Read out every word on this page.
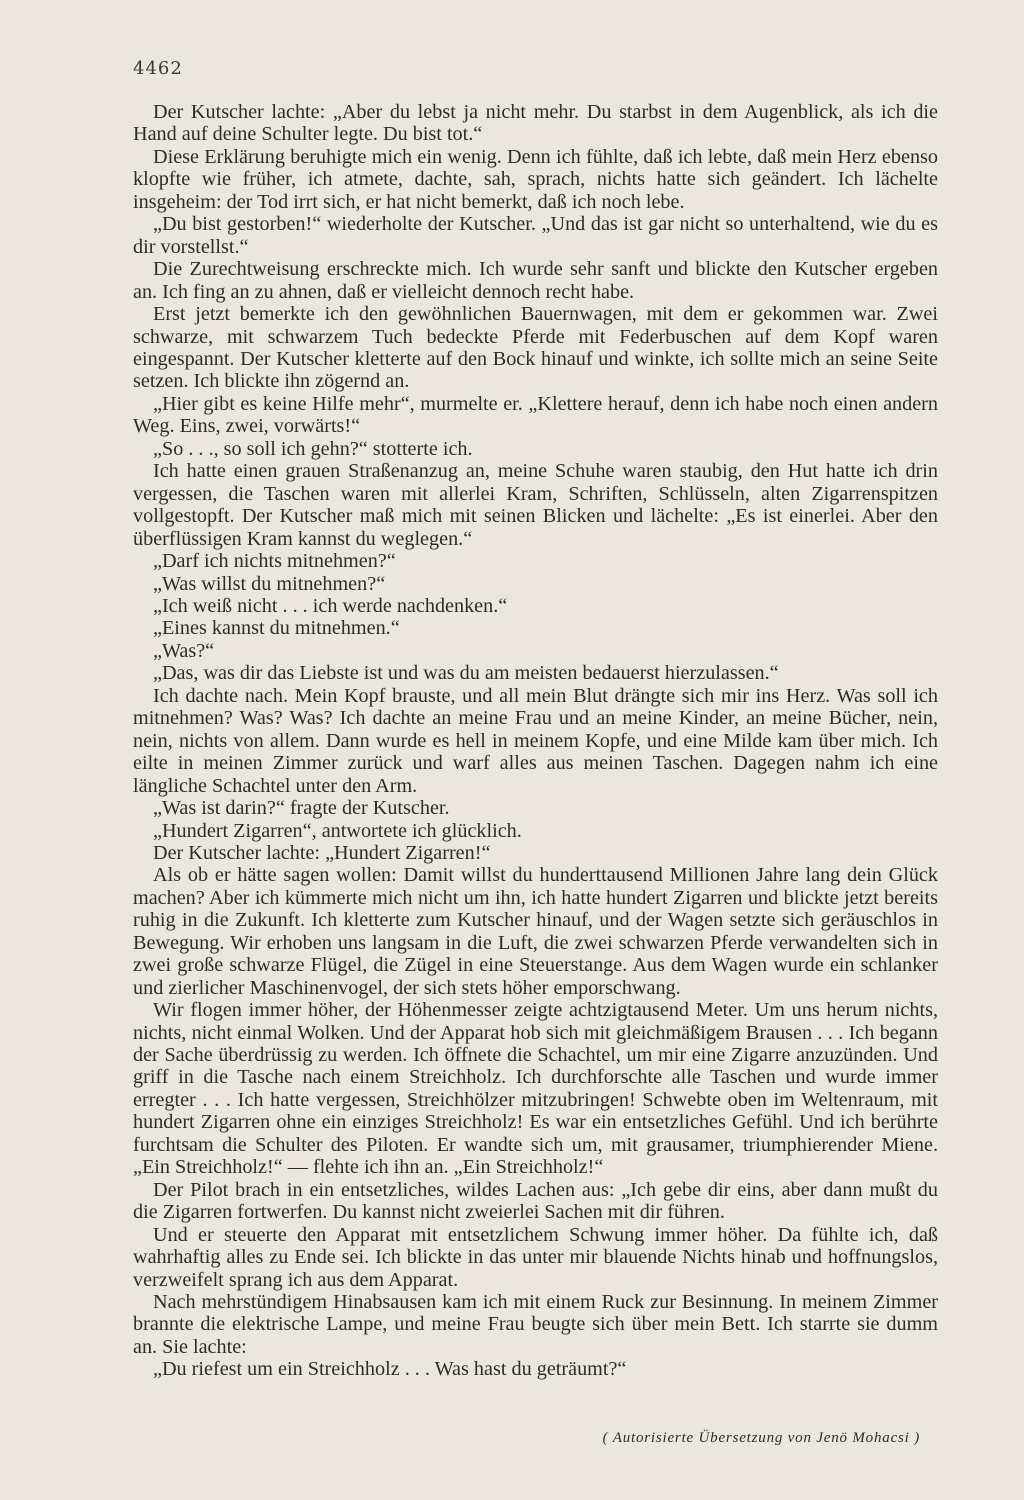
4462

Der Kutscher lachte: „Aber du lebst ja nicht mehr. Du starbst in dem Augenblick, als ich die Hand auf deine Schulter legte. Du bist tot.“

Diese Erklärung beruhigte mich ein wenig. Denn ich fühlte, daß ich lebte, daß mein Herz ebenso klopfte wie früher, ich atmete, dachte, sah, sprach, nichts hatte sich geändert. Ich lächelte insgeheim: der Tod irrt sich, er hat nicht bemerkt, daß ich noch lebe.

„Du bist gestorben!“ wiederholte der Kutscher. „Und das ist gar nicht so unterhaltend, wie du es dir vorstellst.“

Die Zurechtweisung erschreckte mich. Ich wurde sehr sanft und blickte den Kutscher ergeben an. Ich fing an zu ahnen, daß er vielleicht dennoch recht habe.

Erst jetzt bemerkte ich den gewöhnlichen Bauernwagen, mit dem er gekommen war. Zwei schwarze, mit schwarzem Tuch bedeckte Pferde mit Federbuschen auf dem Kopf waren eingespannt. Der Kutscher kletterte auf den Bock hinauf und winkte, ich sollte mich an seine Seite setzen. Ich blickte ihn zögernd an.

„Hier gibt es keine Hilfe mehr“, murmelte er. „Klettere herauf, denn ich habe noch einen andern Weg. Eins, zwei, vorwärts!“

„So . . ., so soll ich gehn?“ stotterte ich.

Ich hatte einen grauen Straßenanzug an, meine Schuhe waren staubig, den Hut hatte ich drin vergessen, die Taschen waren mit allerlei Kram, Schriften, Schlüsseln, alten Zigarrenspitzen vollgestopft. Der Kutscher maß mich mit seinen Blicken und lächelte: „Es ist einerlei. Aber den überflüssigen Kram kannst du weglegen.“

„Darf ich nichts mitnehmen?“

„Was willst du mitnehmen?“

„Ich weiß nicht . . . ich werde nachdenken.“

„Eines kannst du mitnehmen.“

„Was?“

„Das, was dir das Liebste ist und was du am meisten bedauerst hierzulassen.“

Ich dachte nach. Mein Kopf brauste, und all mein Blut drängte sich mir ins Herz. Was soll ich mitnehmen? Was? Was? Ich dachte an meine Frau und an meine Kinder, an meine Bücher, nein, nein, nichts von allem. Dann wurde es hell in meinem Kopfe, und eine Milde kam über mich. Ich eilte in meinen Zimmer zurück und warf alles aus meinen Taschen. Dagegen nahm ich eine längliche Schachtel unter den Arm.

„Was ist darin?“ fragte der Kutscher.

„Hundert Zigarren“, antwortete ich glücklich.

Der Kutscher lachte: „Hundert Zigarren!“

Als ob er hätte sagen wollen: Damit willst du hunderttausend Millionen Jahre lang dein Glück machen? Aber ich kümmerte mich nicht um ihn, ich hatte hundert Zigarren und blickte jetzt bereits ruhig in die Zukunft. Ich kletterte zum Kutscher hinauf, und der Wagen setzte sich geräuschlos in Bewegung. Wir erhoben uns langsam in die Luft, die zwei schwarzen Pferde verwandelten sich in zwei große schwarze Flügel, die Zügel in eine Steuerstange. Aus dem Wagen wurde ein schlanker und zierlicher Maschinenvogel, der sich stets höher emporschwang.

Wir flogen immer höher, der Höhenmesser zeigte achtzigtausend Meter. Um uns herum nichts, nichts, nicht einmal Wolken. Und der Apparat hob sich mit gleichmäßigem Brausen . . . Ich begann der Sache überdrüssig zu werden. Ich öffnete die Schachtel, um mir eine Zigarre anzuzünden. Und griff in die Tasche nach einem Streichholz. Ich durchforschte alle Taschen und wurde immer erregter . . . Ich hatte vergessen, Streichhölzer mitzubringen! Schwebte oben im Weltenraum, mit hundert Zigarren ohne ein einziges Streichholz! Es war ein entsetzliches Gefühl. Und ich berührte furchtsam die Schulter des Piloten. Er wandte sich um, mit grausamer, triumphierender Miene. „Ein Streichholz!“ — flehte ich ihn an. „Ein Streichholz!“

Der Pilot brach in ein entsetzliches, wildes Lachen aus: „Ich gebe dir eins, aber dann mußt du die Zigarren fortwerfen. Du kannst nicht zweierlei Sachen mit dir führen.

Und er steuerte den Apparat mit entsetzlichem Schwung immer höher. Da fühlte ich, daß wahrhaftig alles zu Ende sei. Ich blickte in das unter mir blauende Nichts hinab und hoffnungslos, verzweifelt sprang ich aus dem Apparat.

Nach mehrstündigem Hinabsausen kam ich mit einem Ruck zur Besinnung. In meinem Zimmer brannte die elektrische Lampe, und meine Frau beugte sich über mein Bett. Ich starrte sie dumm an. Sie lachte:

„Du riefest um ein Streichholz . . . Was hast du geträumt?“

( Autorisierte Übersetzung von Jenö Mohacsi )
